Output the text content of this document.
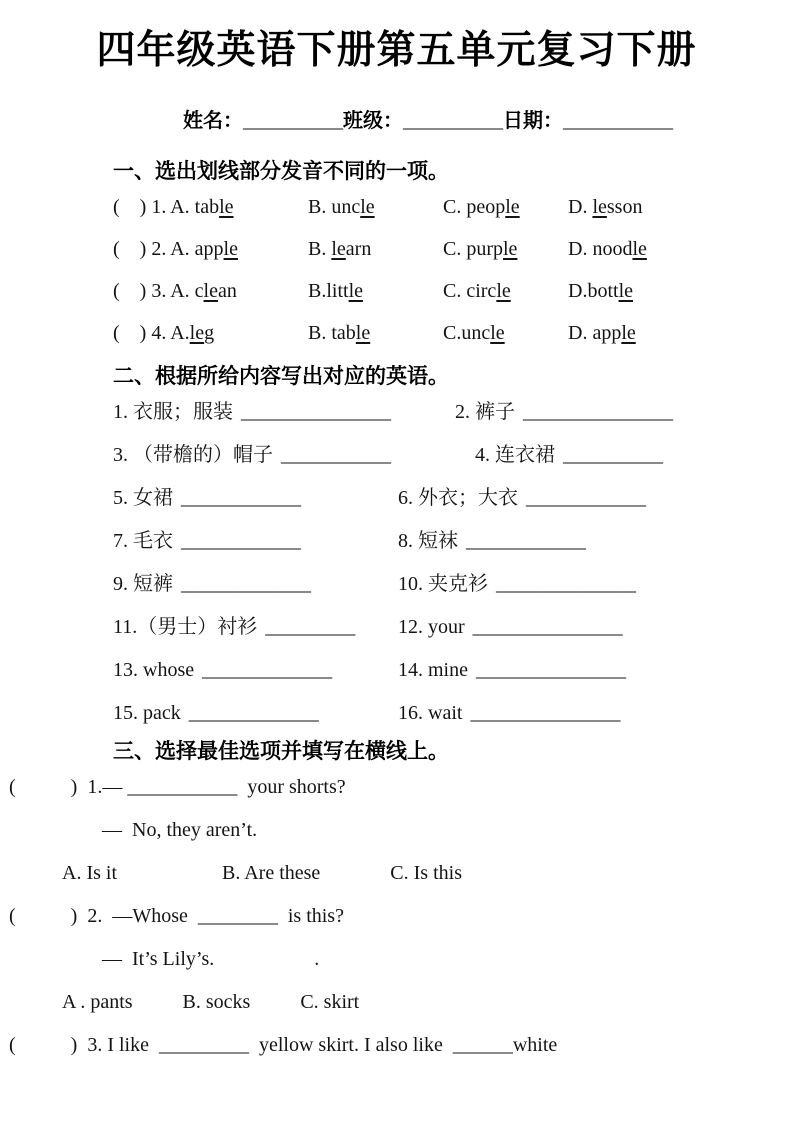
四年级英语下册第五单元复习下册
姓名：__________班级：__________日期：___________
一、选出划线部分发音不同的一项。
(    ) 1. A. table	B. uncle	C. people	D. lesson
(    ) 2. A. apple	B. learn	C. purple	D. noodle
(    ) 3. A. clean	B.little	C. circle	D.bottle
(    ) 4. A.leg	B. table	C.uncle	D. apple
二、根据所给内容写出对应的英语。
1. 衣服；服装 _______________	2. 裤子 _______________
3. （带檐的）帽子 ___________	4. 连衣裙 __________
5. 女裙 ____________	6. 外衣；大衣 ____________
7. 毛衣 ____________	8. 短袜 ____________
9. 短裤 _____________	10. 夹克衫 ______________
11.（男士）衬衫 _________	12. your _______________
13. whose _____________	14. mine _______________
15. pack _____________	16. wait _______________
三、选择最佳选项并填写在横线上。
(           )  1.— ___________  your shorts?
—  No, they aren’t.
A. Is it                     B. Are these              C. Is this
(           )  2.  —Whose  ________  is this?
—  It’s Lily’s.                    .
A . pants          B. socks          C. skirt
(           )  3. I like  _________  yellow skirt. I also like  ______white
